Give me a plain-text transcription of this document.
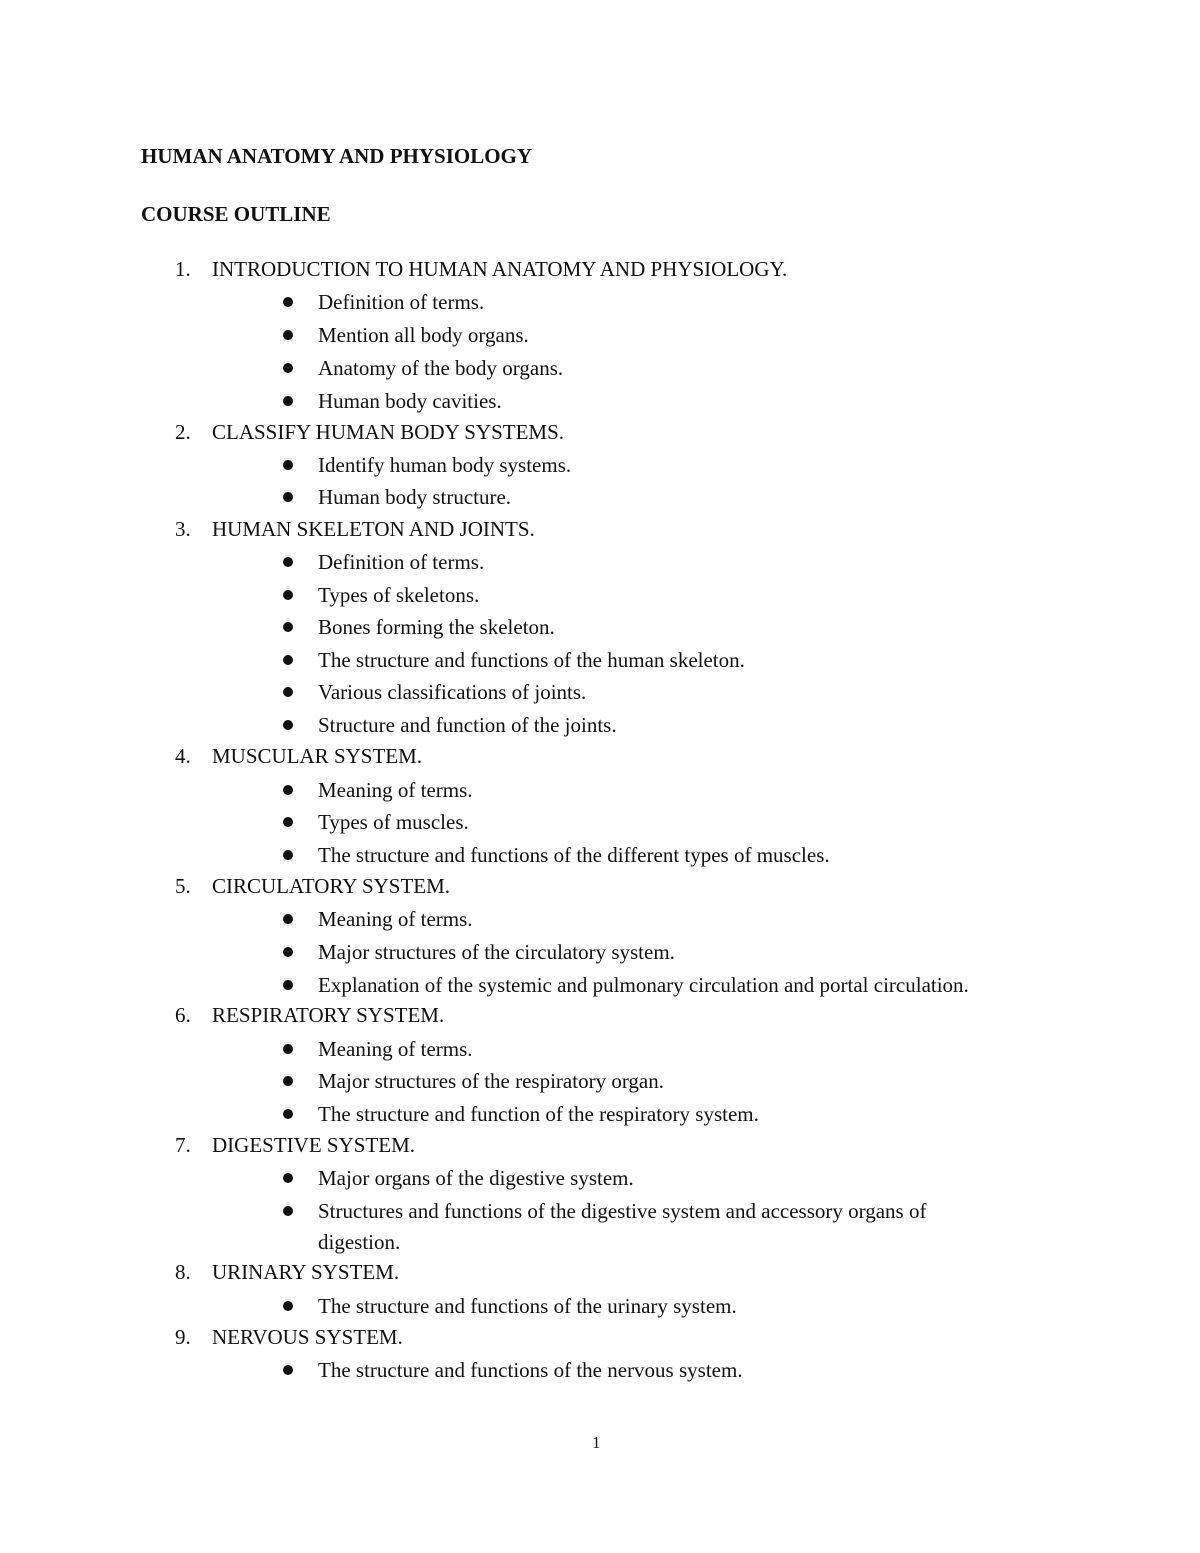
HUMAN ANATOMY AND PHYSIOLOGY
COURSE OUTLINE
1.	INTRODUCTION TO HUMAN ANATOMY AND PHYSIOLOGY.
Definition of terms.
Mention all body organs.
Anatomy of the body organs.
Human body cavities.
2.	CLASSIFY HUMAN BODY SYSTEMS.
Identify human body systems.
Human body structure.
3.	HUMAN SKELETON AND JOINTS.
Definition of terms.
Types of skeletons.
Bones forming the skeleton.
The structure and functions of the human skeleton.
Various classifications of joints.
Structure and function of the joints.
4.	MUSCULAR SYSTEM.
Meaning of terms.
Types of muscles.
The structure and functions of the different types of muscles.
5.	CIRCULATORY SYSTEM.
Meaning of terms.
Major structures of the circulatory system.
Explanation of the systemic and pulmonary circulation and portal circulation.
6.	RESPIRATORY SYSTEM.
Meaning of terms.
Major structures of the respiratory organ.
The structure and function of the respiratory system.
7.	DIGESTIVE SYSTEM.
Major organs of the digestive system.
Structures and functions of the digestive system and accessory organs of
digestion.
8.	URINARY SYSTEM.
The structure and functions of the urinary system.
9.	NERVOUS SYSTEM.
The structure and functions of the nervous system.
1
